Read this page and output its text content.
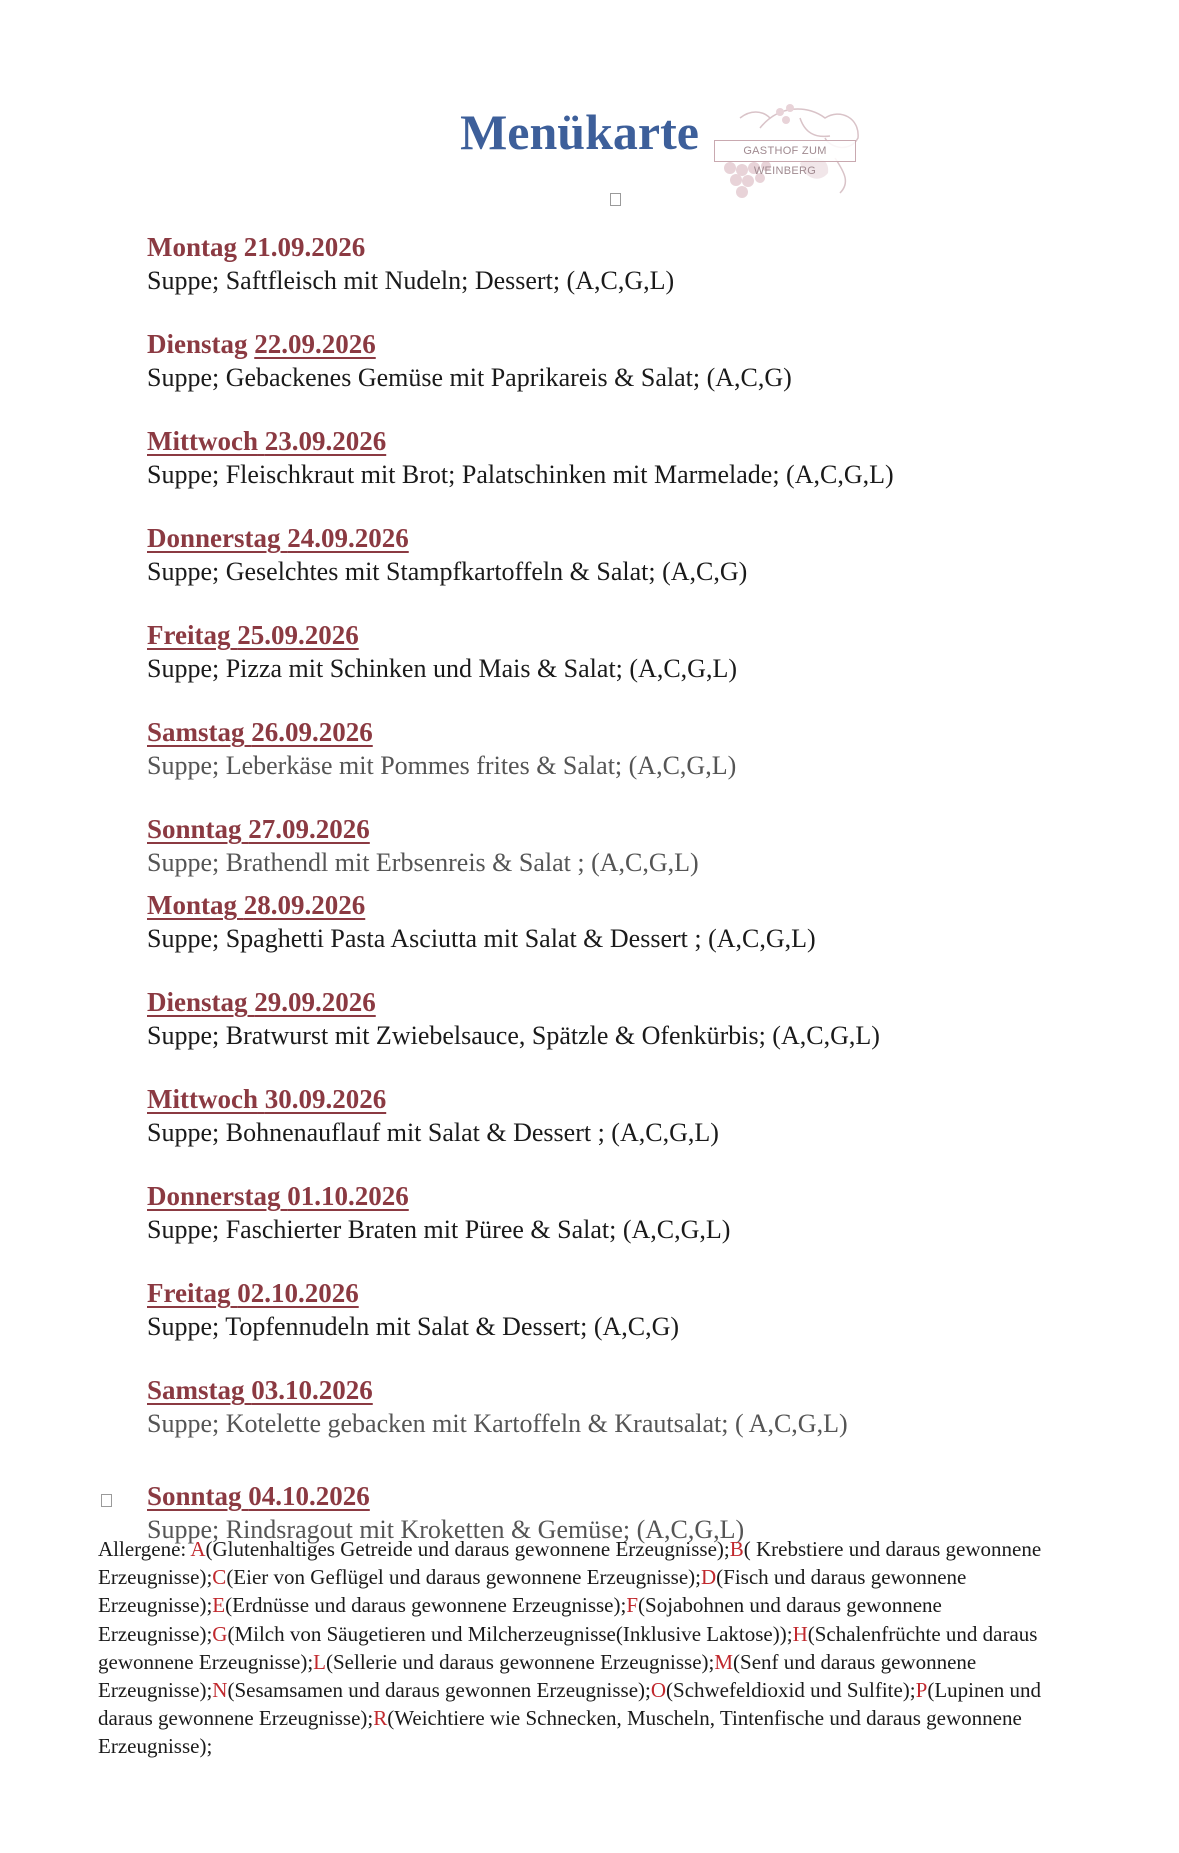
Menükarte	GASTHOF ZUM WEINBERG
Montag 21.09.2026
Suppe; Saftfleisch mit Nudeln; Dessert; (A,C,G,L)
Dienstag 22.09.2026
Suppe; Gebackenes Gemüse mit Paprikareis & Salat; (A,C,G)
Mittwoch 23.09.2026
Suppe; Fleischkraut mit Brot; Palatschinken mit Marmelade; (A,C,G,L)
Donnerstag 24.09.2026
Suppe; Geselchtes mit Stampfkartoffeln & Salat; (A,C,G)
Freitag 25.09.2026
Suppe; Pizza mit Schinken und Mais & Salat; (A,C,G,L)
Samstag 26.09.2026
Suppe; Leberkäse mit Pommes frites & Salat; (A,C,G,L)
Sonntag 27.09.2026
Suppe; Brathendl mit Erbsenreis & Salat ; (A,C,G,L)
Montag 28.09.2026
Suppe; Spaghetti Pasta Asciutta mit Salat & Dessert ; (A,C,G,L)
Dienstag 29.09.2026
Suppe; Bratwurst mit Zwiebelsauce, Spätzle & Ofenkürbis; (A,C,G,L)
Mittwoch 30.09.2026
Suppe; Bohnenauflauf mit Salat & Dessert ; (A,C,G,L)
Donnerstag 01.10.2026
Suppe; Faschierter Braten mit Püree & Salat; (A,C,G,L)
Freitag 02.10.2026
Suppe; Topfennudeln mit Salat & Dessert; (A,C,G)
Samstag 03.10.2026
Suppe; Kotelette gebacken mit Kartoffeln & Krautsalat; ( A,C,G,L)
Sonntag 04.10.2026
Suppe; Rindsragout mit Kroketten & Gemüse; (A,C,G,L)
Allergene: A(Glutenhaltiges Getreide und daraus gewonnene Erzeugnisse);B( Krebstiere und daraus gewonnene Erzeugnisse);C(Eier von Geflügel und daraus gewonnene Erzeugnisse);D(Fisch und daraus gewonnene Erzeugnisse);E(Erdnüsse und daraus gewonnene Erzeugnisse);F(Sojabohnen und daraus gewonnene Erzeugnisse);G(Milch von Säugetieren und Milcherzeugnisse(Inklusive Laktose));H(Schalenfrüchte und daraus gewonnene Erzeugnisse);L(Sellerie und daraus gewonnene Erzeugnisse);M(Senf und daraus gewonnene Erzeugnisse);N(Sesamsamen und daraus gewonnen Erzeugnisse);O(Schwefeldioxid und Sulfite);P(Lupinen und daraus gewonnene Erzeugnisse);R(Weichtiere wie Schnecken, Muscheln, Tintenfische und daraus gewonnene Erzeugnisse);
